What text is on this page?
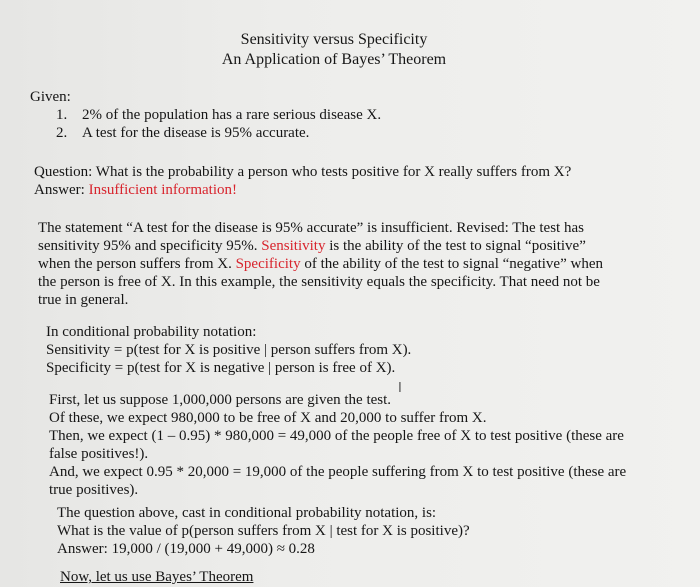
Sensitivity versus Specificity
An Application of Bayes’ Theorem
Given:
1. 2% of the population has a rare serious disease X.
2. A test for the disease is 95% accurate.
Question: What is the probability a person who tests positive for X really suffers from X?
Answer: Insufficient information!
The statement “A test for the disease is 95% accurate” is insufficient. Revised: The test has
sensitivity 95% and specificity 95%. Sensitivity is the ability of the test to signal “positive”
when the person suffers from X. Specificity of the ability of the test to signal “negative” when
the person is free of X. In this example, the sensitivity equals the specificity. That need not be
true in general.
In conditional probability notation:
Sensitivity = p(test for X is positive | person suffers from X).
Specificity = p(test for X is negative | person is free of X).
I
First, let us suppose 1,000,000 persons are given the test.
Of these, we expect 980,000 to be free of X and 20,000 to suffer from X.
Then, we expect (1 – 0.95) * 980,000 = 49,000 of the people free of X to test positive (these are
false positives!).
And, we expect 0.95 * 20,000 = 19,000 of the people suffering from X to test positive (these are
true positives).
The question above, cast in conditional probability notation, is:
What is the value of p(person suffers from X | test for X is positive)?
Answer: 19,000 / (19,000 + 49,000) ≈ 0.28
Now, let us use Bayes’ Theorem
